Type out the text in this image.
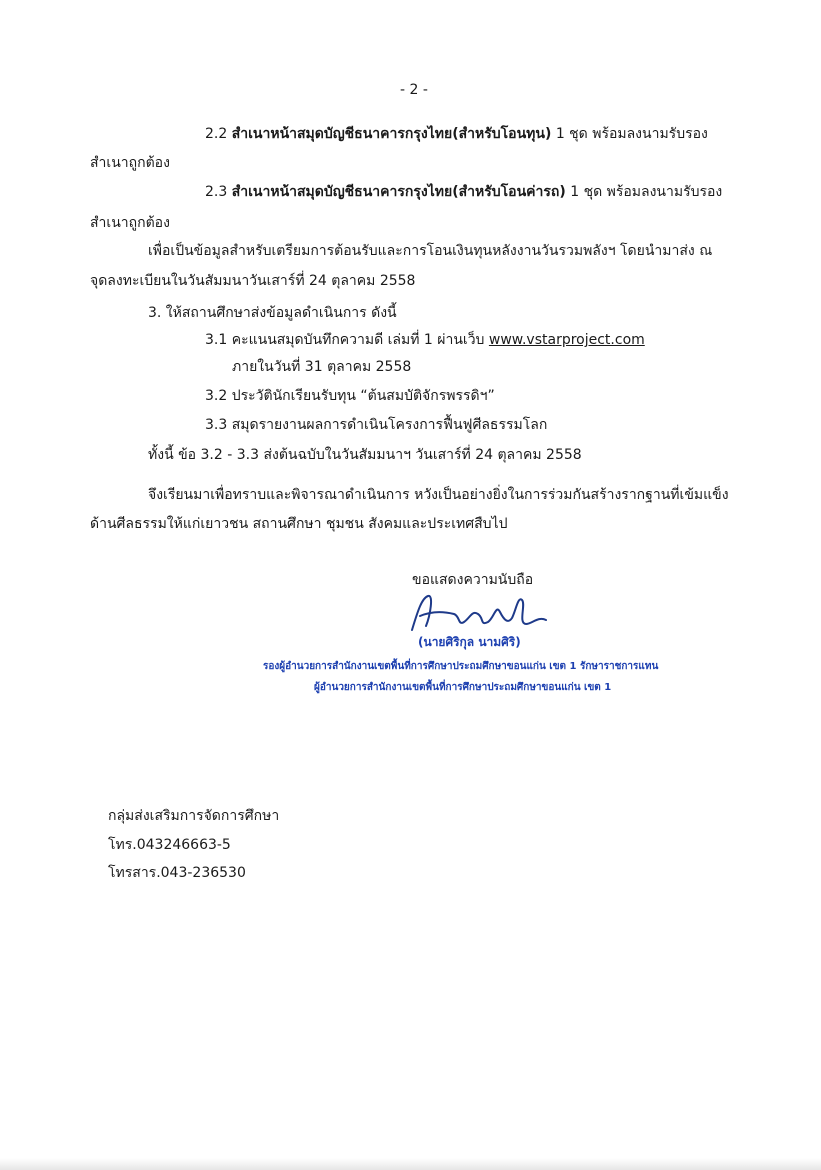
- 2 -
2.2 สำเนาหน้าสมุดบัญชีธนาคารกรุงไทย(สำหรับโอนทุน) 1 ชุด พร้อมลงนามรับรอง
สำเนาถูกต้อง
2.3 สำเนาหน้าสมุดบัญชีธนาคารกรุงไทย(สำหรับโอนค่ารถ) 1 ชุด พร้อมลงนามรับรอง
สำเนาถูกต้อง
เพื่อเป็นข้อมูลสำหรับเตรียมการต้อนรับและการโอนเงินทุนหลังงานวันรวมพลังฯ โดยนำมาส่ง ณ
จุดลงทะเบียนในวันสัมมนาวันเสาร์ที่ 24 ตุลาคม 2558
3. ให้สถานศึกษาส่งข้อมูลดำเนินการ ดังนี้
3.1 คะแนนสมุดบันทึกความดี เล่มที่ 1 ผ่านเว็บ www.vstarproject.com
ภายในวันที่ 31 ตุลาคม 2558
3.2 ประวัตินักเรียนรับทุน “ต้นสมบัติจักรพรรดิฯ”
3.3 สมุดรายงานผลการดำเนินโครงการฟื้นฟูศีลธรรมโลก
ทั้งนี้ ข้อ 3.2 - 3.3 ส่งต้นฉบับในวันสัมมนาฯ วันเสาร์ที่ 24 ตุลาคม 2558
จึงเรียนมาเพื่อทราบและพิจารณาดำเนินการ หวังเป็นอย่างยิ่งในการร่วมกันสร้างรากฐานที่เข้มแข็ง
ด้านศีลธรรมให้แก่เยาวชน สถานศึกษา ชุมชน สังคมและประเทศสืบไป
ขอแสดงความนับถือ
(นายศิริกุล นามศิริ)
รองผู้อำนวยการสำนักงานเขตพื้นที่การศึกษาประถมศึกษาขอนแก่น เขต 1 รักษาราชการแทน
ผู้อำนวยการสำนักงานเขตพื้นที่การศึกษาประถมศึกษาขอนแก่น เขต 1
กลุ่มส่งเสริมการจัดการศึกษา
โทร.043246663-5
โทรสาร.043-236530
